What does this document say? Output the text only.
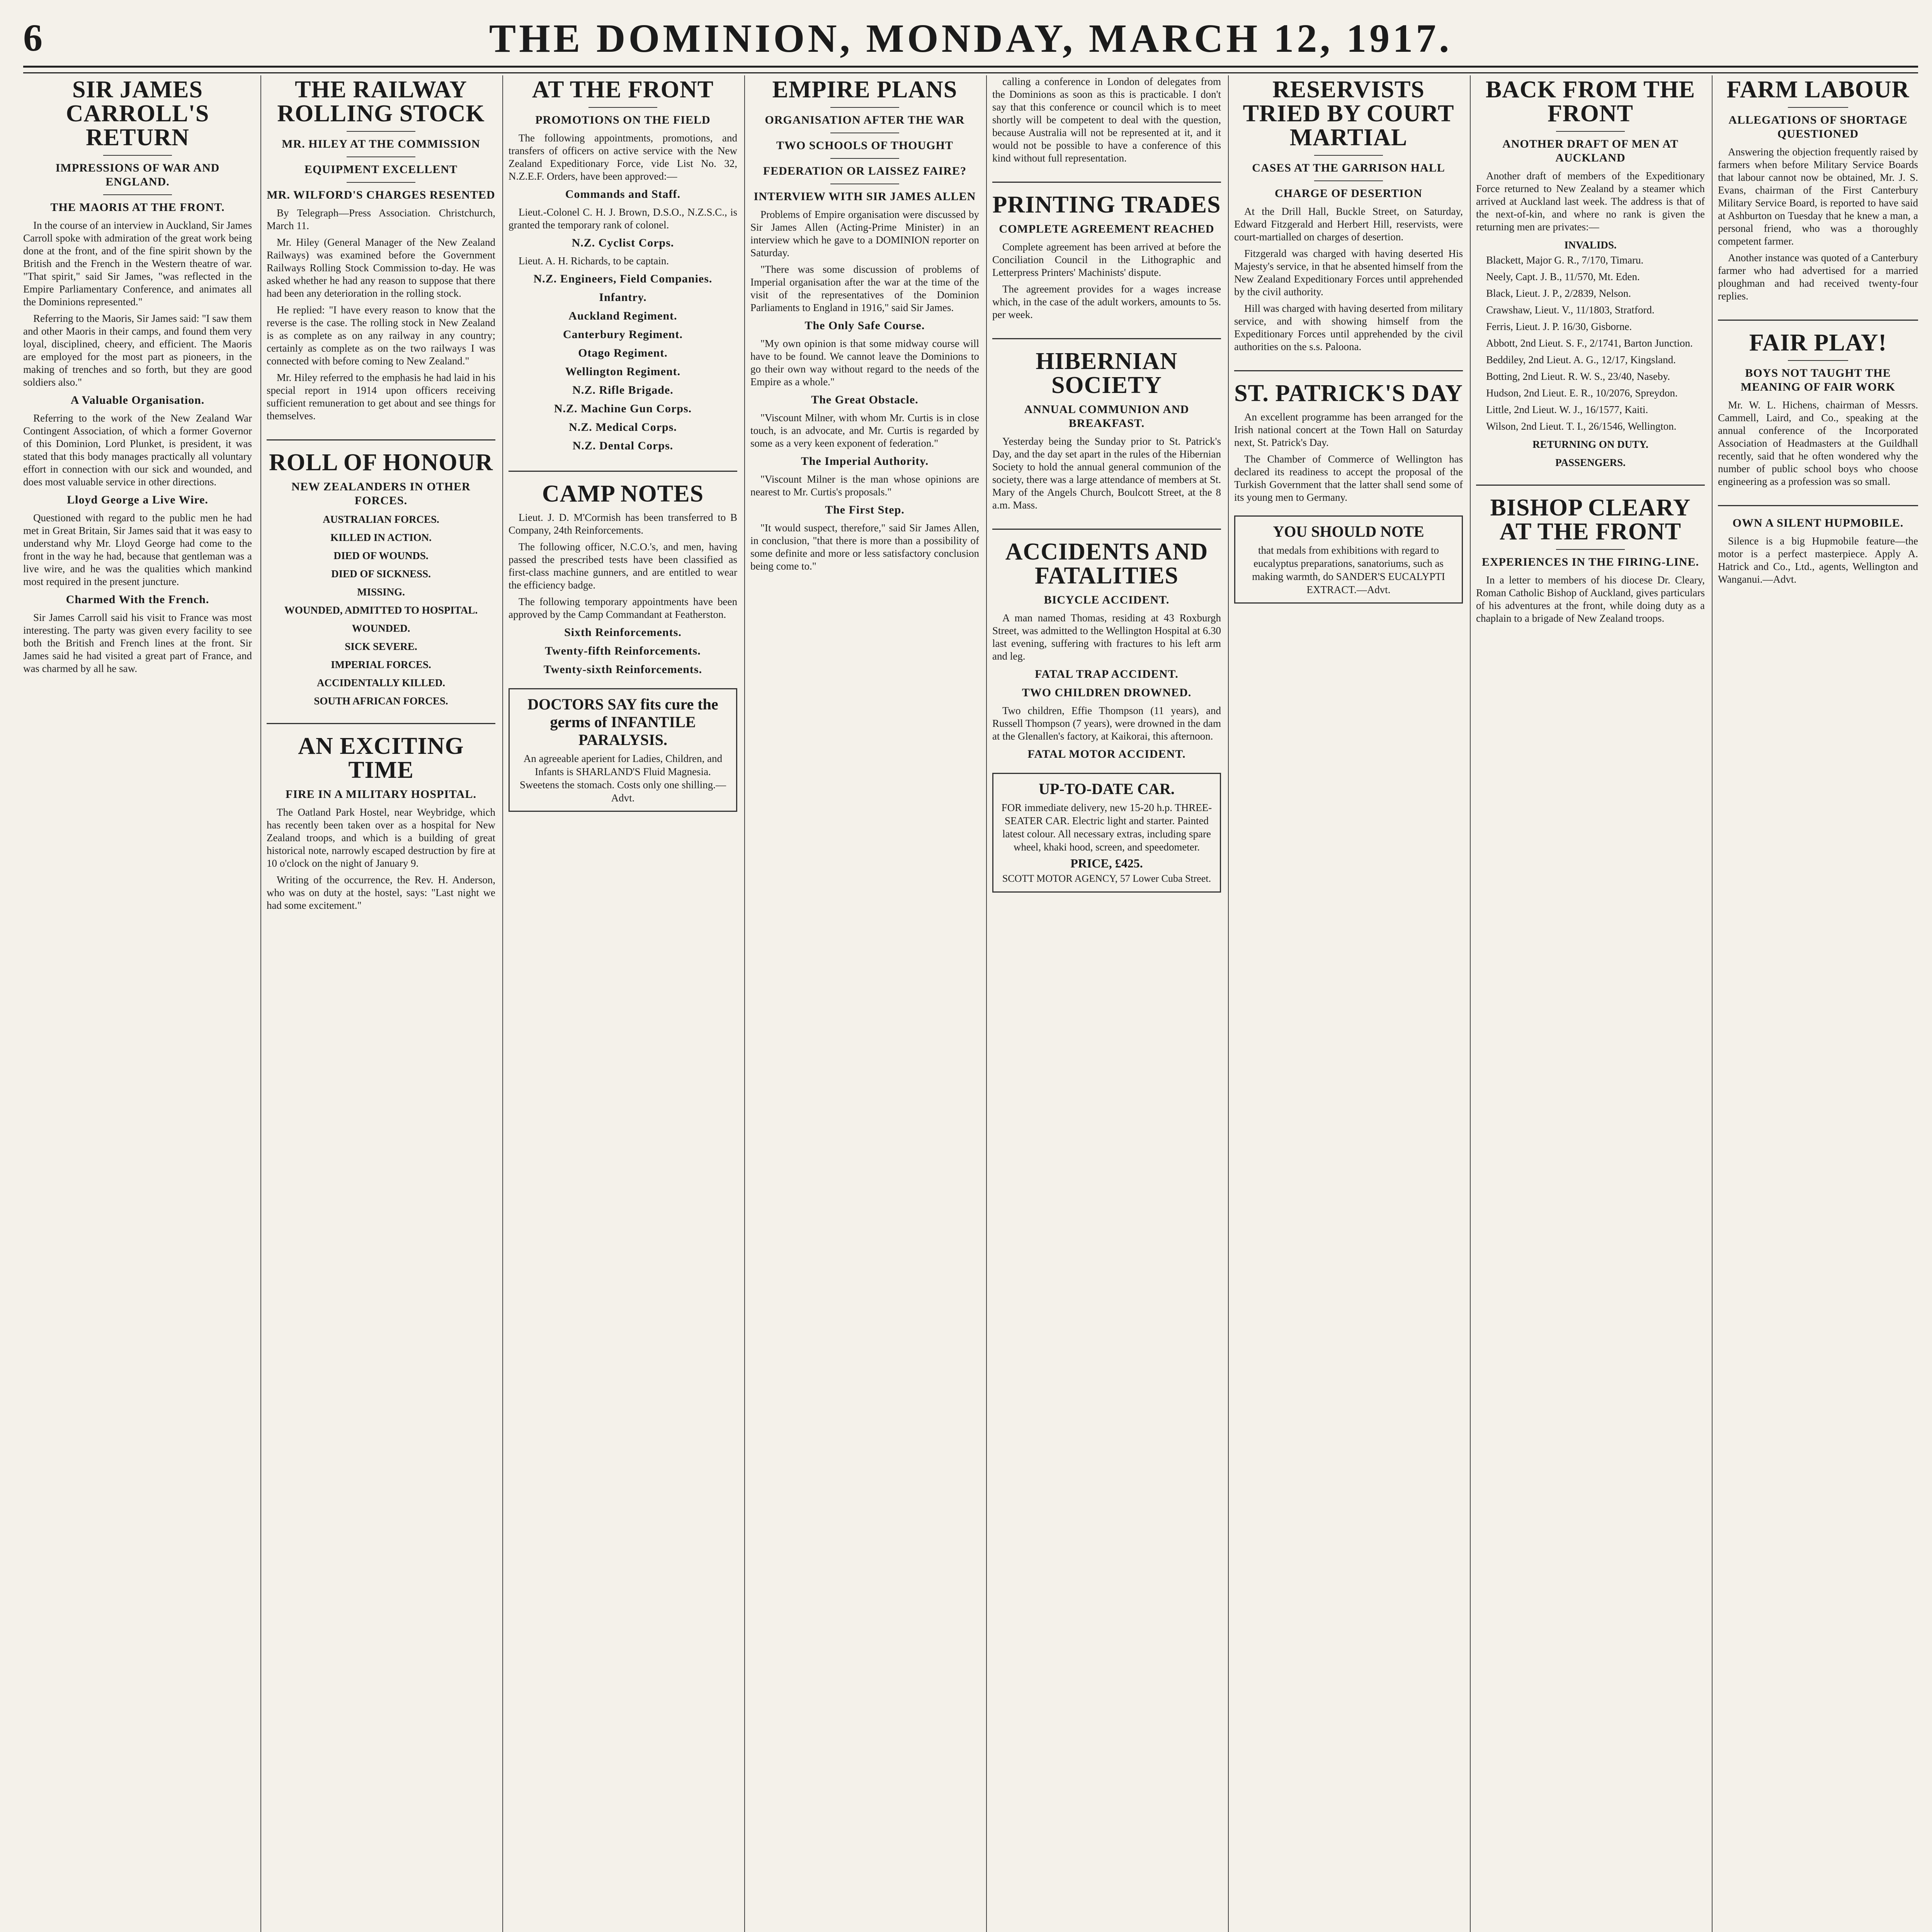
6	THE DOMINION, MONDAY, MARCH 12, 1917.
SIR JAMES CARROLL'S RETURN
IMPRESSIONS OF WAR AND ENGLAND.
THE MAORIS AT THE FRONT.

In the course of an interview in Auckland, Sir James Carroll spoke with admiration of the great work being done at the front, and of the fine spirit shown by the British and the French in the Western theatre of war. "That spirit," said Sir James, "was reflected in the Empire Parliamentary Conference, and animates all the Dominions represented."

Referring to the Maoris, Sir James said: "I saw them and other Maoris in their camps, and found them very loyal, disciplined, cheery, and efficient. The Maoris are employed for the most part as pioneers, in the making of trenches and so forth, but they are good soldiers also."

A Valuable Organisation.

Referring to the work of the New Zealand War Contingent Association, of which a former Governor of this Dominion, Lord Plunket, is president, it was stated that this body manages practically all voluntary effort in connection with our sick and wounded, and does most valuable service in other directions.

Lloyd George a Live Wire.

Questioned with regard to the public men he had met in Great Britain, Sir James said that it was easy to understand why Mr. Lloyd George had come to the front in the way he had, because that gentleman was a live wire, and he was the qualities which mankind most required in the present juncture.

Charmed With the French.

Sir James Carroll said his visit to France was most interesting. The party was given every facility to see both the British and French lines at the front. Sir James said he had visited a great part of France, and was charmed by all he saw.

THE RAILWAY ROLLING STOCK
MR. HILEY AT THE COMMISSION
EQUIPMENT EXCELLENT
MR. WILFORD'S CHARGES RESENTED

By Telegraph—Press Association. Christchurch, March 11.

Mr. Hiley (General Manager of the New Zealand Railways) was examined before the Government Railways Rolling Stock Commission to-day. He was asked whether he had any reason to suppose that there had been any deterioration in the rolling stock.

He replied: "I have every reason to know that the reverse is the case. The rolling stock in New Zealand is as complete as on any railway in any country; certainly as complete as on the two railways I was connected with before coming to New Zealand."

Mr. Hiley referred to the emphasis he had laid in his special report in 1914 upon officers receiving sufficient remuneration to get about and see things for themselves.

ROLL OF HONOUR
NEW ZEALANDERS IN OTHER FORCES.
AUSTRALIAN FORCES.
KILLED IN ACTION.
DIED OF WOUNDS.
DIED OF SICKNESS.
MISSING.
WOUNDED, ADMITTED TO HOSPITAL.
WOUNDED.
SICK SEVERE.
IMPERIAL FORCES.
ACCIDENTALLY KILLED.
SOUTH AFRICAN FORCES.
AN EXCITING TIME
FIRE IN A MILITARY HOSPITAL.

The Oatland Park Hostel, near Weybridge, which has recently been taken over as a hospital for New Zealand troops, and which is a building of great historical note, narrowly escaped destruction by fire at 10 o'clock on the night of January 9.

Writing of the occurrence, the Rev. H. Anderson, who was on duty at the hostel, says: "Last night we had some excitement."

AT THE FRONT
PROMOTIONS ON THE FIELD

The following appointments, promotions, and transfers of officers on active service with the New Zealand Expeditionary Force, vide List No. 32, N.Z.E.F. Orders, have been approved:—

Commands and Staff.

Lieut.-Colonel C. H. J. Brown, D.S.O., N.Z.S.C., is granted the temporary rank of colonel.

N.Z. Cyclist Corps.

Lieut. A. H. Richards, to be captain.

N.Z. Engineers, Field Companies.
Infantry.
Auckland Regiment.
Canterbury Regiment.
Otago Regiment.
Wellington Regiment.
N.Z. Rifle Brigade.
N.Z. Machine Gun Corps.
N.Z. Medical Corps.
N.Z. Dental Corps.
CAMP NOTES

Lieut. J. D. M'Cormish has been transferred to B Company, 24th Reinforcements.

The following officer, N.C.O.'s, and men, having passed the prescribed tests have been classified as first-class machine gunners, and are entitled to wear the efficiency badge.

The following temporary appointments have been approved by the Camp Commandant at Featherston.

Sixth Reinforcements.
Twenty-fifth Reinforcements.
Twenty-sixth Reinforcements.
DOCTORS SAY fits cure the germs of INFANTILE PARALYSIS.
An agreeable aperient for Ladies, Children, and Infants is SHARLAND'S Fluid Magnesia. Sweetens the stomach. Costs only one shilling.—Advt.
EMPIRE PLANS
ORGANISATION AFTER THE WAR
TWO SCHOOLS OF THOUGHT
FEDERATION OR LAISSEZ FAIRE?
INTERVIEW WITH SIR JAMES ALLEN

Problems of Empire organisation were discussed by Sir James Allen (Acting-Prime Minister) in an interview which he gave to a DOMINION reporter on Saturday.

"There was some discussion of problems of Imperial organisation after the war at the time of the visit of the representatives of the Dominion Parliaments to England in 1916," said Sir James.

The Only Safe Course.

"My own opinion is that some midway course will have to be found. We cannot leave the Dominions to go their own way without regard to the needs of the Empire as a whole."

The Great Obstacle.

"Viscount Milner, with whom Mr. Curtis is in close touch, is an advocate, and Mr. Curtis is regarded by some as a very keen exponent of federation."

The Imperial Authority.

"Viscount Milner is the man whose opinions are nearest to Mr. Curtis's proposals."

The First Step.

"It would suspect, therefore," said Sir James Allen, in conclusion, "that there is more than a possibility of some definite and more or less satisfactory conclusion being come to."

calling a conference in London of delegates from the Dominions as soon as this is practicable. I don't say that this conference or council which is to meet shortly will be competent to deal with the question, because Australia will not be represented at it, and it would not be possible to have a conference of this kind without full representation.

PRINTING TRADES
COMPLETE AGREEMENT REACHED

Complete agreement has been arrived at before the Conciliation Council in the Lithographic and Letterpress Printers' Machinists' dispute.

The agreement provides for a wages increase which, in the case of the adult workers, amounts to 5s. per week.

HIBERNIAN SOCIETY
ANNUAL COMMUNION AND BREAKFAST.

Yesterday being the Sunday prior to St. Patrick's Day, and the day set apart in the rules of the Hibernian Society to hold the annual general communion of the society, there was a large attendance of members at St. Mary of the Angels Church, Boulcott Street, at the 8 a.m. Mass.

ACCIDENTS AND FATALITIES
BICYCLE ACCIDENT.

A man named Thomas, residing at 43 Roxburgh Street, was admitted to the Wellington Hospital at 6.30 last evening, suffering with fractures to his left arm and leg.

FATAL TRAP ACCIDENT.
TWO CHILDREN DROWNED.

Two children, Effie Thompson (11 years), and Russell Thompson (7 years), were drowned in the dam at the Glenallen's factory, at Kaikorai, this afternoon.

FATAL MOTOR ACCIDENT.
UP-TO-DATE CAR.
FOR immediate delivery, new 15-20 h.p. THREE-SEATER CAR. Electric light and starter. Painted latest colour. All necessary extras, including spare wheel, khaki hood, screen, and speedometer.
PRICE, £425.
SCOTT MOTOR AGENCY, 57 Lower Cuba Street.
RESERVISTS TRIED BY COURT MARTIAL
CASES AT THE GARRISON HALL
CHARGE OF DESERTION

At the Drill Hall, Buckle Street, on Saturday, Edward Fitzgerald and Herbert Hill, reservists, were court-martialled on charges of desertion.

Fitzgerald was charged with having deserted His Majesty's service, in that he absented himself from the New Zealand Expeditionary Forces until apprehended by the civil authority.

Hill was charged with having deserted from military service, and with showing himself from the Expeditionary Forces until apprehended by the civil authorities on the s.s. Paloona.

ST. PATRICK'S DAY

An excellent programme has been arranged for the Irish national concert at the Town Hall on Saturday next, St. Patrick's Day.

The Chamber of Commerce of Wellington has declared its readiness to accept the proposal of the Turkish Government that the latter shall send some of its young men to Germany.

YOU SHOULD NOTE
that medals from exhibitions with regard to eucalyptus preparations, sanatoriums, such as making warmth, do SANDER'S EUCALYPTI EXTRACT.—Advt.
BACK FROM THE FRONT
ANOTHER DRAFT OF MEN AT AUCKLAND

Another draft of members of the Expeditionary Force returned to New Zealand by a steamer which arrived at Auckland last week. The address is that of the next-of-kin, and where no rank is given the returning men are privates:—

INVALIDS.

Blackett, Major G. R., 7/170, Timaru.

Neely, Capt. J. B., 11/570, Mt. Eden.

Black, Lieut. J. P., 2/2839, Nelson.

Crawshaw, Lieut. V., 11/1803, Stratford.

Ferris, Lieut. J. P. 16/30, Gisborne.

Abbott, 2nd Lieut. S. F., 2/1741, Barton Junction.

Beddiley, 2nd Lieut. A. G., 12/17, Kingsland.

Botting, 2nd Lieut. R. W. S., 23/40, Naseby.

Hudson, 2nd Lieut. E. R., 10/2076, Spreydon.

Little, 2nd Lieut. W. J., 16/1577, Kaiti.

Wilson, 2nd Lieut. T. I., 26/1546, Wellington.

RETURNING ON DUTY.
PASSENGERS.
BISHOP CLEARY AT THE FRONT
EXPERIENCES IN THE FIRING-LINE.

In a letter to members of his diocese Dr. Cleary, Roman Catholic Bishop of Auckland, gives particulars of his adventures at the front, while doing duty as a chaplain to a brigade of New Zealand troops.

FARM LABOUR
ALLEGATIONS OF SHORTAGE QUESTIONED

Answering the objection frequently raised by farmers when before Military Service Boards that labour cannot now be obtained, Mr. J. S. Evans, chairman of the First Canterbury Military Service Board, is reported to have said at Ashburton on Tuesday that he knew a man, a personal friend, who was a thoroughly competent farmer.

Another instance was quoted of a Canterbury farmer who had advertised for a married ploughman and had received twenty-four replies.

FAIR PLAY!
BOYS NOT TAUGHT THE MEANING OF FAIR WORK

Mr. W. L. Hichens, chairman of Messrs. Cammell, Laird, and Co., speaking at the annual conference of the Incorporated Association of Headmasters at the Guildhall recently, said that he often wondered why the number of public school boys who choose engineering as a profession was so small.

OWN A SILENT HUPMOBILE.

Silence is a big Hupmobile feature—the motor is a perfect masterpiece. Apply A. Hatrick and Co., Ltd., agents, Wellington and Wanganui.—Advt.
